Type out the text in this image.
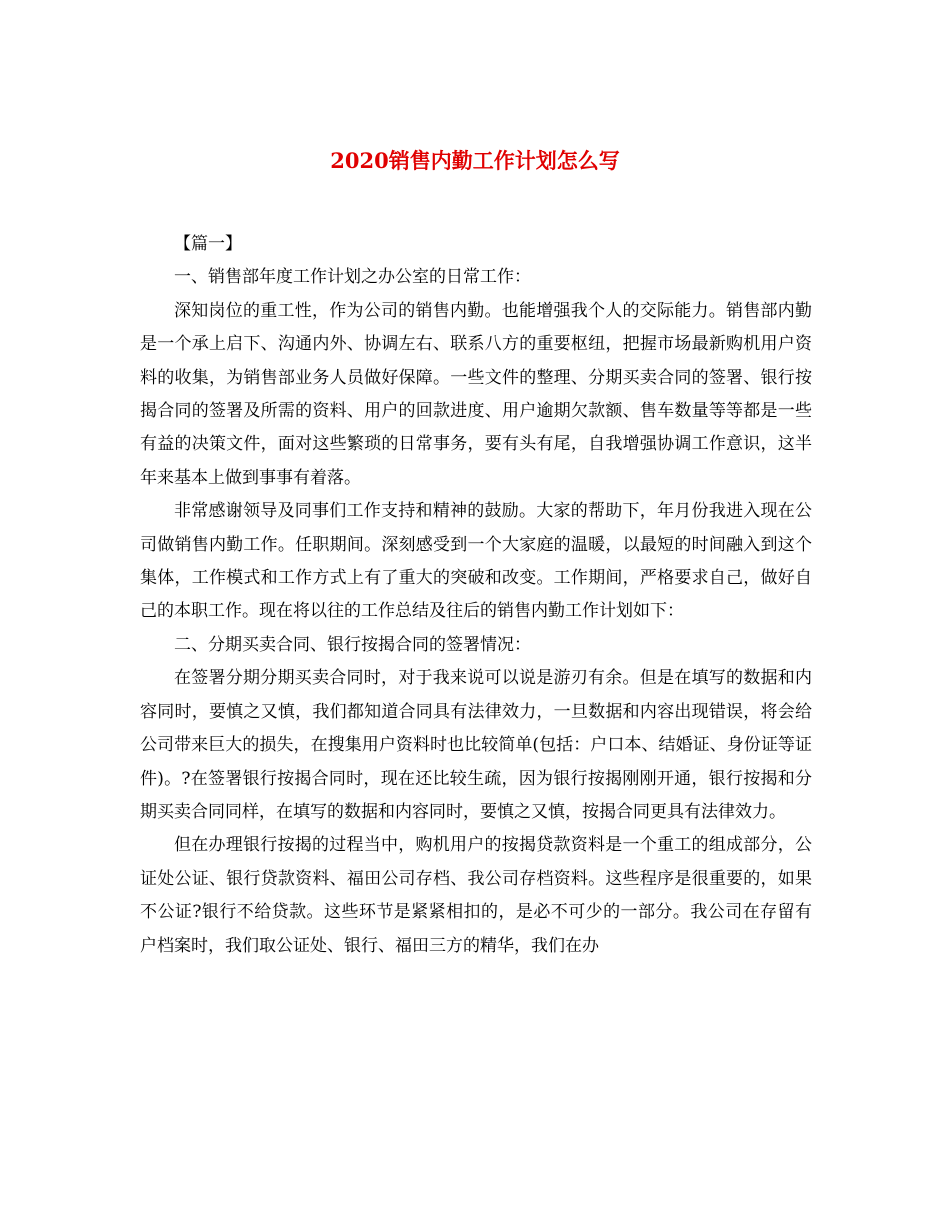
2020销售内勤工作计划怎么写

【篇一】

一、销售部年度工作计划之办公室的日常工作：

深知岗位的重工性，作为公司的销售内勤。也能增强我个人的交际能力。销售部内勤是一个承上启下、沟通内外、协调左右、联系八方的重要枢纽，把握市场最新购机用户资料的收集，为销售部业务人员做好保障。一些文件的整理、分期买卖合同的签署、银行按揭合同的签署及所需的资料、用户的回款进度、用户逾期欠款额、售车数量等等都是一些有益的决策文件，面对这些繁琐的日常事务，要有头有尾，自我增强协调工作意识，这半年来基本上做到事事有着落。

非常感谢领导及同事们工作支持和精神的鼓励。大家的帮助下，年月份我进入现在公司做销售内勤工作。任职期间。深刻感受到一个大家庭的温暖，以最短的时间融入到这个集体，工作模式和工作方式上有了重大的突破和改变。工作期间，严格要求自己，做好自己的本职工作。现在将以往的工作总结及往后的销售内勤工作计划如下：

二、分期买卖合同、银行按揭合同的签署情况：

在签署分期分期买卖合同时，对于我来说可以说是游刃有余。但是在填写的数据和内容同时，要慎之又慎，我们都知道合同具有法律效力，一旦数据和内容出现错误，将会给公司带来巨大的损失，在搜集用户资料时也比较简单(包括：户口本、结婚证、身份证等证件)。?在签署银行按揭合同时，现在还比较生疏，因为银行按揭刚刚开通，银行按揭和分期买卖合同同样，在填写的数据和内容同时，要慎之又慎，按揭合同更具有法律效力。

但在办理银行按揭的过程当中，购机用户的按揭贷款资料是一个重工的组成部分，公证处公证、银行贷款资料、福田公司存档、我公司存档资料。这些程序是很重要的，如果不公证?银行不给贷款。这些环节是紧紧相扣的，是必不可少的一部分。我公司在存留有户档案时，我们取公证处、银行、福田三方的精华，我们在办
